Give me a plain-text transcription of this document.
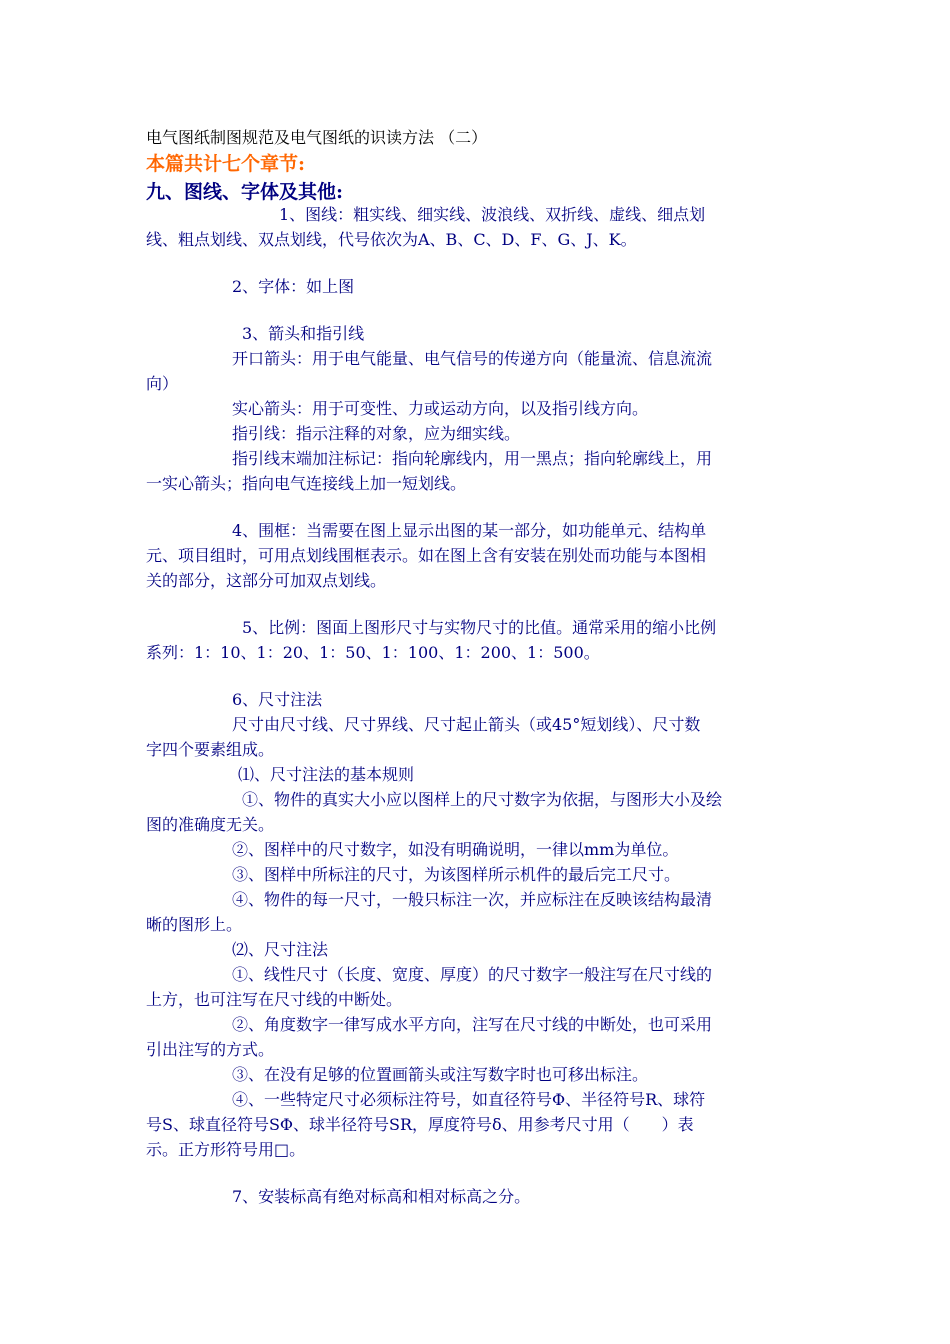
电气图纸制图规范及电气图纸的识读方法 （二）
本篇共计七个章节:
九、图线、字体及其他:
1、图线：粗实线、细实线、波浪线、双折线、虚线、细点划
线、粗点划线、双点划线，代号依次为A、B、C、D、F、G、J、K。
2、字体：如上图
3、箭头和指引线
开口箭头：用于电气能量、电气信号的传递方向（能量流、信息流流
向）
实心箭头：用于可变性、力或运动方向，以及指引线方向。
指引线：指示注释的对象，应为细实线。
指引线末端加注标记：指向轮廓线内，用一黑点；指向轮廓线上，用
一实心箭头；指向电气连接线上加一短划线。
4、围框：当需要在图上显示出图的某一部分，如功能单元、结构单
元、项目组时，可用点划线围框表示。如在图上含有安装在别处而功能与本图相
关的部分，这部分可加双点划线。
5、比例：图面上图形尺寸与实物尺寸的比值。通常采用的缩小比例
系列：1：10、1：20、1：50、1：100、1：200、1：500。
6、尺寸注法
尺寸由尺寸线、尺寸界线、尺寸起止箭头（或45°短划线）、尺寸数
字四个要素组成。
⑴、尺寸注法的基本规则
①、物件的真实大小应以图样上的尺寸数字为依据，与图形大小及绘
图的准确度无关。
②、图样中的尺寸数字，如没有明确说明，一律以mm为单位。
③、图样中所标注的尺寸，为该图样所示机件的最后完工尺寸。
④、物件的每一尺寸，一般只标注一次，并应标注在反映该结构最清
晰的图形上。
⑵、尺寸注法
①、线性尺寸（长度、宽度、厚度）的尺寸数字一般注写在尺寸线的
上方，也可注写在尺寸线的中断处。
②、角度数字一律写成水平方向，注写在尺寸线的中断处，也可采用
引出注写的方式。
③、在没有足够的位置画箭头或注写数字时也可移出标注。
④、一些特定尺寸必须标注符号，如直径符号Φ、半径符号R、球符
号S、球直径符号SΦ、球半径符号SR，厚度符号δ、用参考尺寸用（　　）表
示。正方形符号用□。
7、安装标高有绝对标高和相对标高之分。
